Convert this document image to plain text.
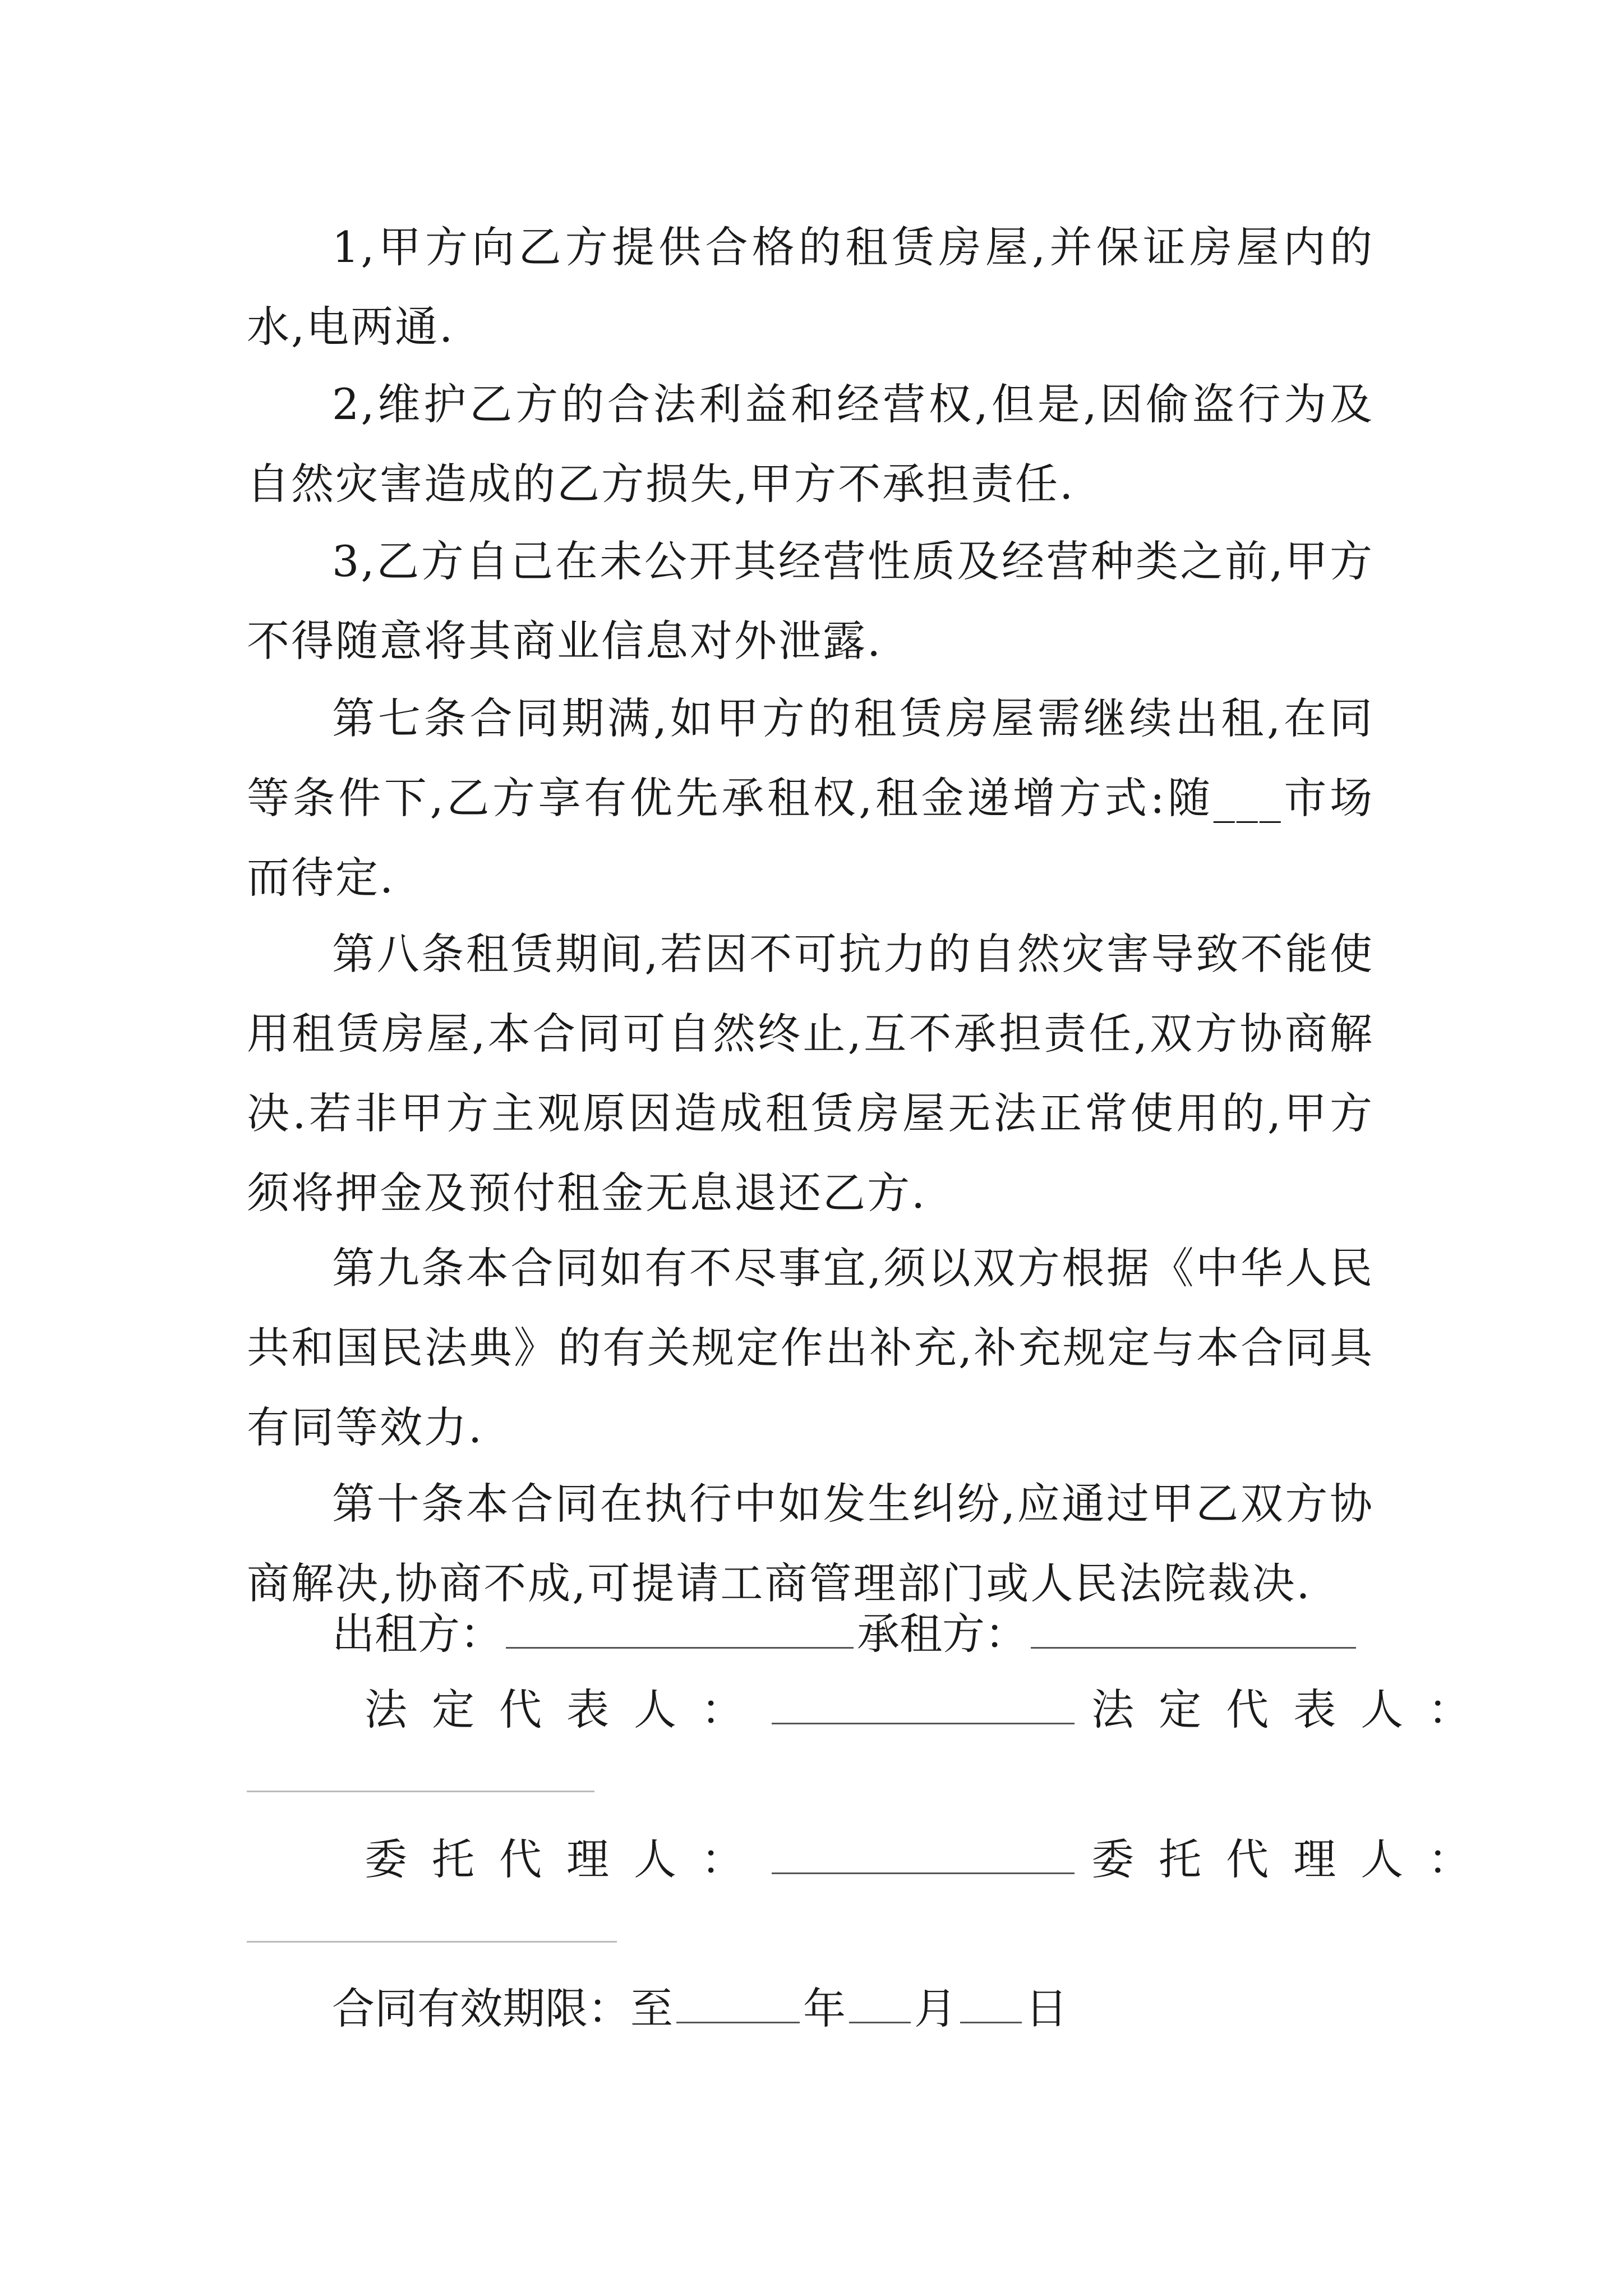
1,甲方向乙方提供合格的租赁房屋,并保证房屋内的水,电两通.

2,维护乙方的合法利益和经营权,但是,因偷盗行为及自然灾害造成的乙方损失,甲方不承担责任.

3,乙方自己在未公开其经营性质及经营种类之前,甲方不得随意将其商业信息对外泄露.

第七条合同期满,如甲方的租赁房屋需继续出租,在同等条件下,乙方享有优先承租权,租金递增方式:随___市场而待定.

第八条租赁期间,若因不可抗力的自然灾害导致不能使用租赁房屋,本合同可自然终止,互不承担责任,双方协商解决.若非甲方主观原因造成租赁房屋无法正常使用的,甲方须将押金及预付租金无息退还乙方.

第九条本合同如有不尽事宜,须以双方根据《中华人民共和国民法典》的有关规定作出补充,补充规定与本合同具有同等效力.

第十条本合同在执行中如发生纠纷,应通过甲乙双方协商解决,协商不成,可提请工商管理部门或人民法院裁决.

出租方：	承租方：
法定代表人：	法定代表人：
委托代理人：	委托代理人：
合同有效期限：至	年 月 日
